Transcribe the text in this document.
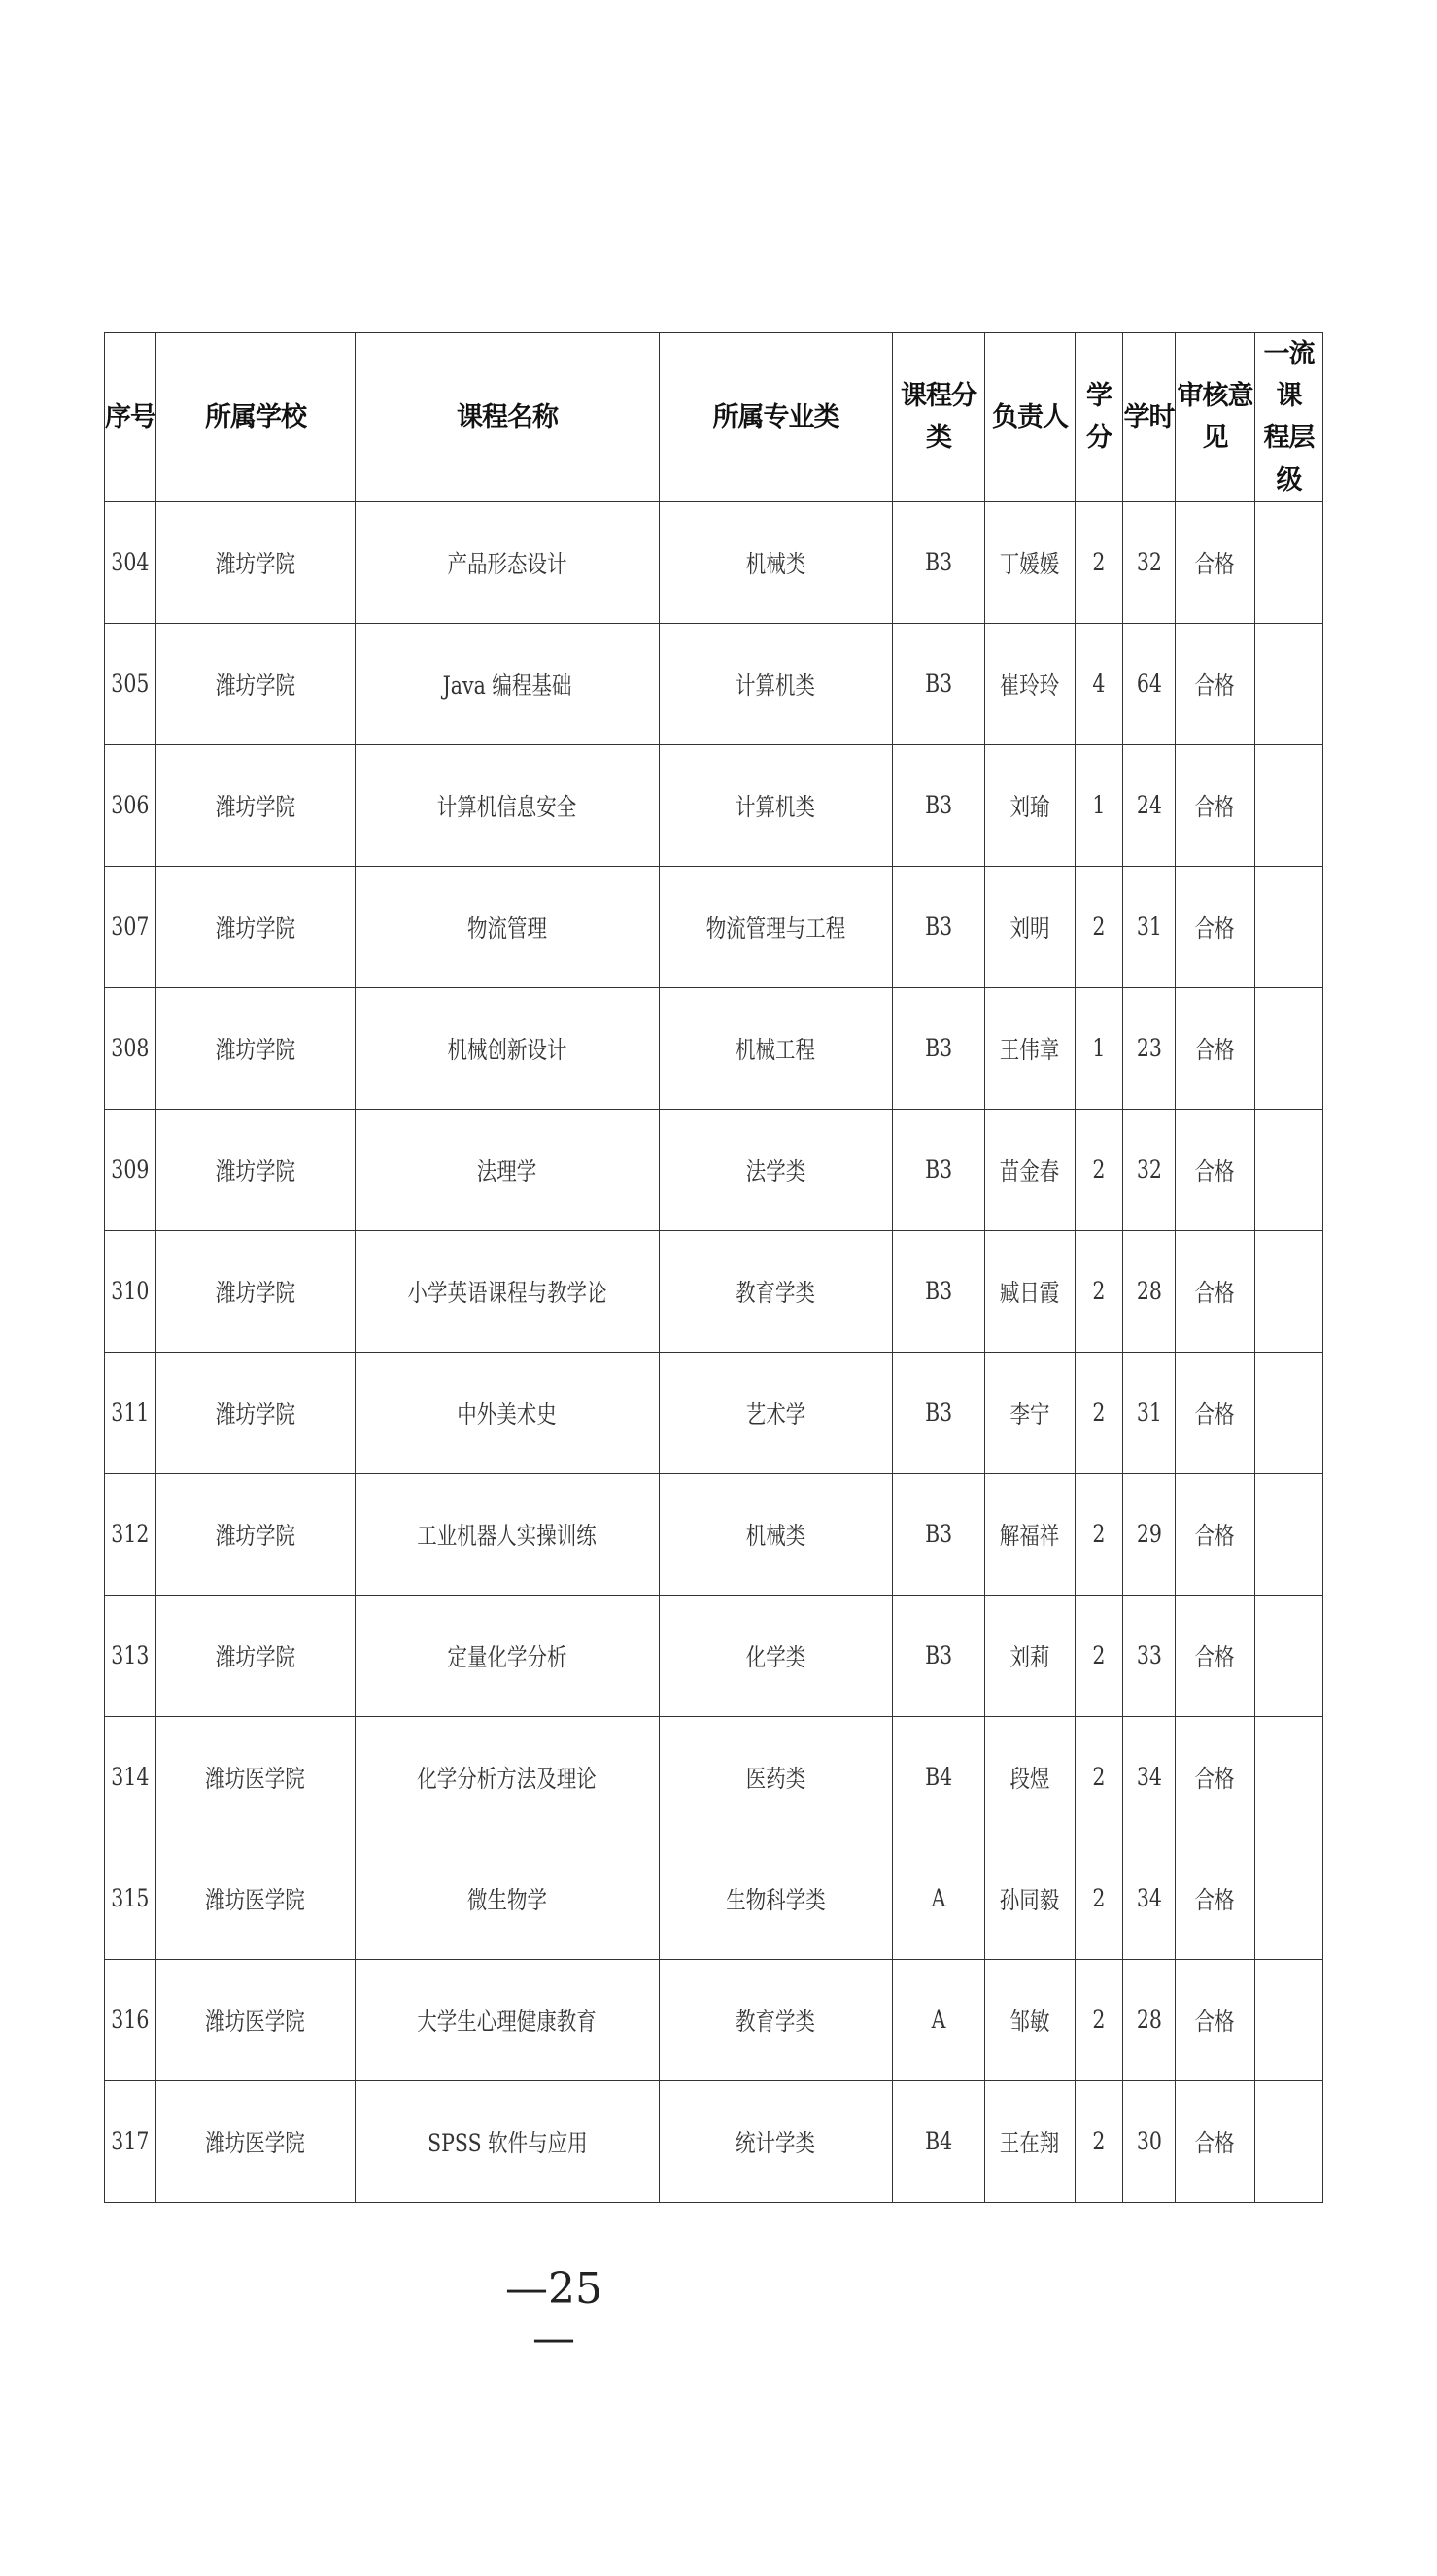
序号	所属学校	课程名称	所属专业类	课程分类	负责人	学分	学时	审核意见	一流课
程层级
304	潍坊学院	产品形态设计	机械类	B3	丁媛媛	2	32	合格	
305	潍坊学院	Java 编程基础	计算机类	B3	崔玲玲	4	64	合格	
306	潍坊学院	计算机信息安全	计算机类	B3	刘瑜	1	24	合格	
307	潍坊学院	物流管理	物流管理与工程	B3	刘明	2	31	合格	
308	潍坊学院	机械创新设计	机械工程	B3	王伟章	1	23	合格	
309	潍坊学院	法理学	法学类	B3	苗金春	2	32	合格	
310	潍坊学院	小学英语课程与教学论	教育学类	B3	臧日霞	2	28	合格	
311	潍坊学院	中外美术史	艺术学	B3	李宁	2	31	合格	
312	潍坊学院	工业机器人实操训练	机械类	B3	解福祥	2	29	合格	
313	潍坊学院	定量化学分析	化学类	B3	刘莉	2	33	合格	
314	潍坊医学院	化学分析方法及理论	医药类	B4	段煜	2	34	合格	
315	潍坊医学院	微生物学	生物科学类	A	孙同毅	2	34	合格	
316	潍坊医学院	大学生心理健康教育	教育学类	A	邹敏	2	28	合格	
317	潍坊医学院	SPSS 软件与应用	统计学类	B4	王在翔	2	30	合格	
—25—
